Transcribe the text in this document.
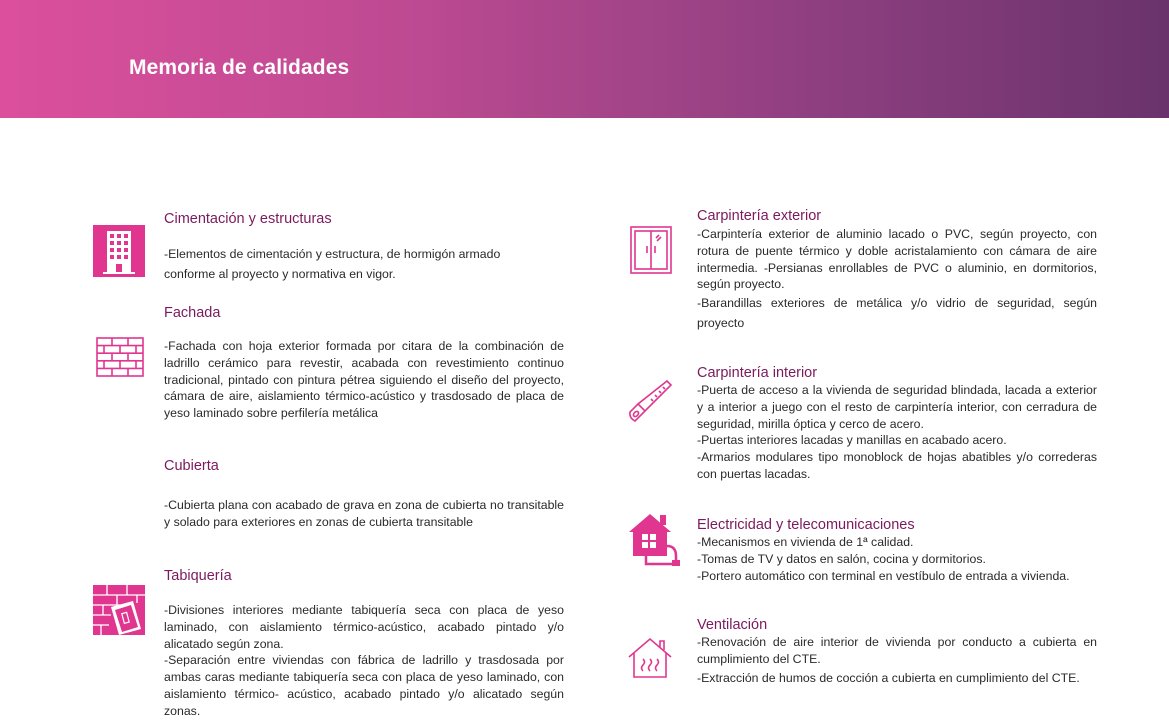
Memoria de calidades
Cimentación y estructuras

-Elementos de cimentación y estructura, de hormigón armado

conforme al proyecto y normativa en vigor.

Fachada

-Fachada con hoja exterior formada por citara de la combinación de ladrillo cerámico para revestir, acabada con revestimiento continuo tradicional, pintado con pintura pétrea siguiendo el diseño del proyecto, cámara de aire, aislamiento térmico-acústico y trasdosado de placa de yeso laminado sobre perfilería metálica

Cubierta

-Cubierta plana con acabado de grava en zona de cubierta no transitable y solado para exteriores en zonas de cubierta transitable

Tabiquería

-Divisiones interiores mediante tabiquería seca con placa de yeso laminado, con aislamiento térmico-acústico, acabado pintado y/o alicatado según zona.

-Separación entre viviendas con fábrica de ladrillo y trasdosada por ambas caras mediante tabiquería seca con placa de yeso laminado, con aislamiento térmico- acústico, acabado pintado y/o alicatado según zonas.

Carpintería exterior

-Carpintería exterior de aluminio lacado o PVC, según proyecto, con rotura de puente térmico y doble acristalamiento con cámara de aire intermedia. -Persianas enrollables de PVC o aluminio, en dormitorios, según proyecto.

-Barandillas exteriores de metálica y/o vidrio de seguridad, según proyecto

Carpintería interior

-Puerta de acceso a la vivienda de seguridad blindada, lacada a exterior y a interior a juego con el resto de carpintería interior, con cerradura de seguridad, mirilla óptica y cerco de acero.

-Puertas interiores lacadas y manillas en acabado acero.

-Armarios modulares tipo monoblock de hojas abatibles y/o correderas con puertas lacadas.

Electricidad y telecomunicaciones

-Mecanismos en vivienda de 1ª calidad.

-Tomas de TV y datos en salón, cocina y dormitorios.

-Portero automático con terminal en vestíbulo de entrada a vivienda.

Ventilación

-Renovación de aire interior de vivienda por conducto a cubierta en cumplimiento del CTE.

-Extracción de humos de cocción a cubierta en cumplimiento del CTE.
